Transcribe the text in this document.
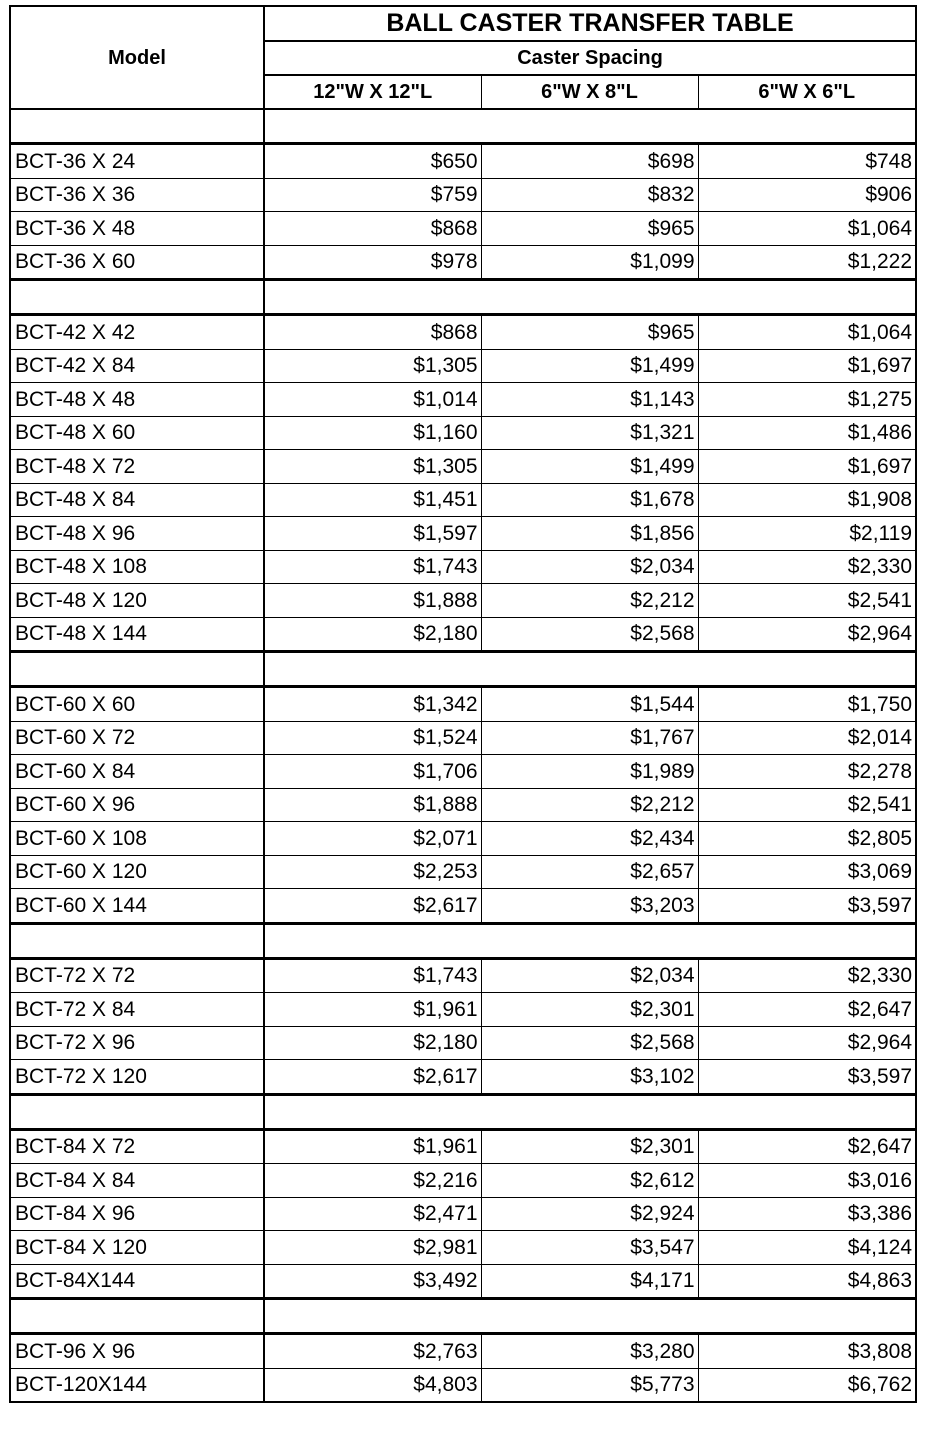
Model	BALL CASTER TRANSFER TABLE		
	Caster Spacing		
	12"W X 12"L	6"W X 8"L	6"W X 6"L

BCT-36 X 24	$650	$698	$748
BCT-36 X 36	$759	$832	$906
BCT-36 X 48	$868	$965	$1,064
BCT-36 X 60	$978	$1,099	$1,222

BCT-42 X 42	$868	$965	$1,064
BCT-42 X 84	$1,305	$1,499	$1,697
BCT-48 X 48	$1,014	$1,143	$1,275
BCT-48 X 60	$1,160	$1,321	$1,486
BCT-48 X 72	$1,305	$1,499	$1,697
BCT-48 X 84	$1,451	$1,678	$1,908
BCT-48 X 96	$1,597	$1,856	$2,119
BCT-48 X 108	$1,743	$2,034	$2,330
BCT-48 X 120	$1,888	$2,212	$2,541
BCT-48 X 144	$2,180	$2,568	$2,964

BCT-60 X 60	$1,342	$1,544	$1,750
BCT-60 X 72	$1,524	$1,767	$2,014
BCT-60 X 84	$1,706	$1,989	$2,278
BCT-60 X 96	$1,888	$2,212	$2,541
BCT-60 X 108	$2,071	$2,434	$2,805
BCT-60 X 120	$2,253	$2,657	$3,069
BCT-60 X 144	$2,617	$3,203	$3,597

BCT-72 X 72	$1,743	$2,034	$2,330
BCT-72 X 84	$1,961	$2,301	$2,647
BCT-72 X 96	$2,180	$2,568	$2,964
BCT-72 X 120	$2,617	$3,102	$3,597

BCT-84 X 72	$1,961	$2,301	$2,647
BCT-84 X 84	$2,216	$2,612	$3,016
BCT-84 X 96	$2,471	$2,924	$3,386
BCT-84 X 120	$2,981	$3,547	$4,124
BCT-84X144	$3,492	$4,171	$4,863

BCT-96 X 96	$2,763	$3,280	$3,808
BCT-120X144	$4,803	$5,773	$6,762
